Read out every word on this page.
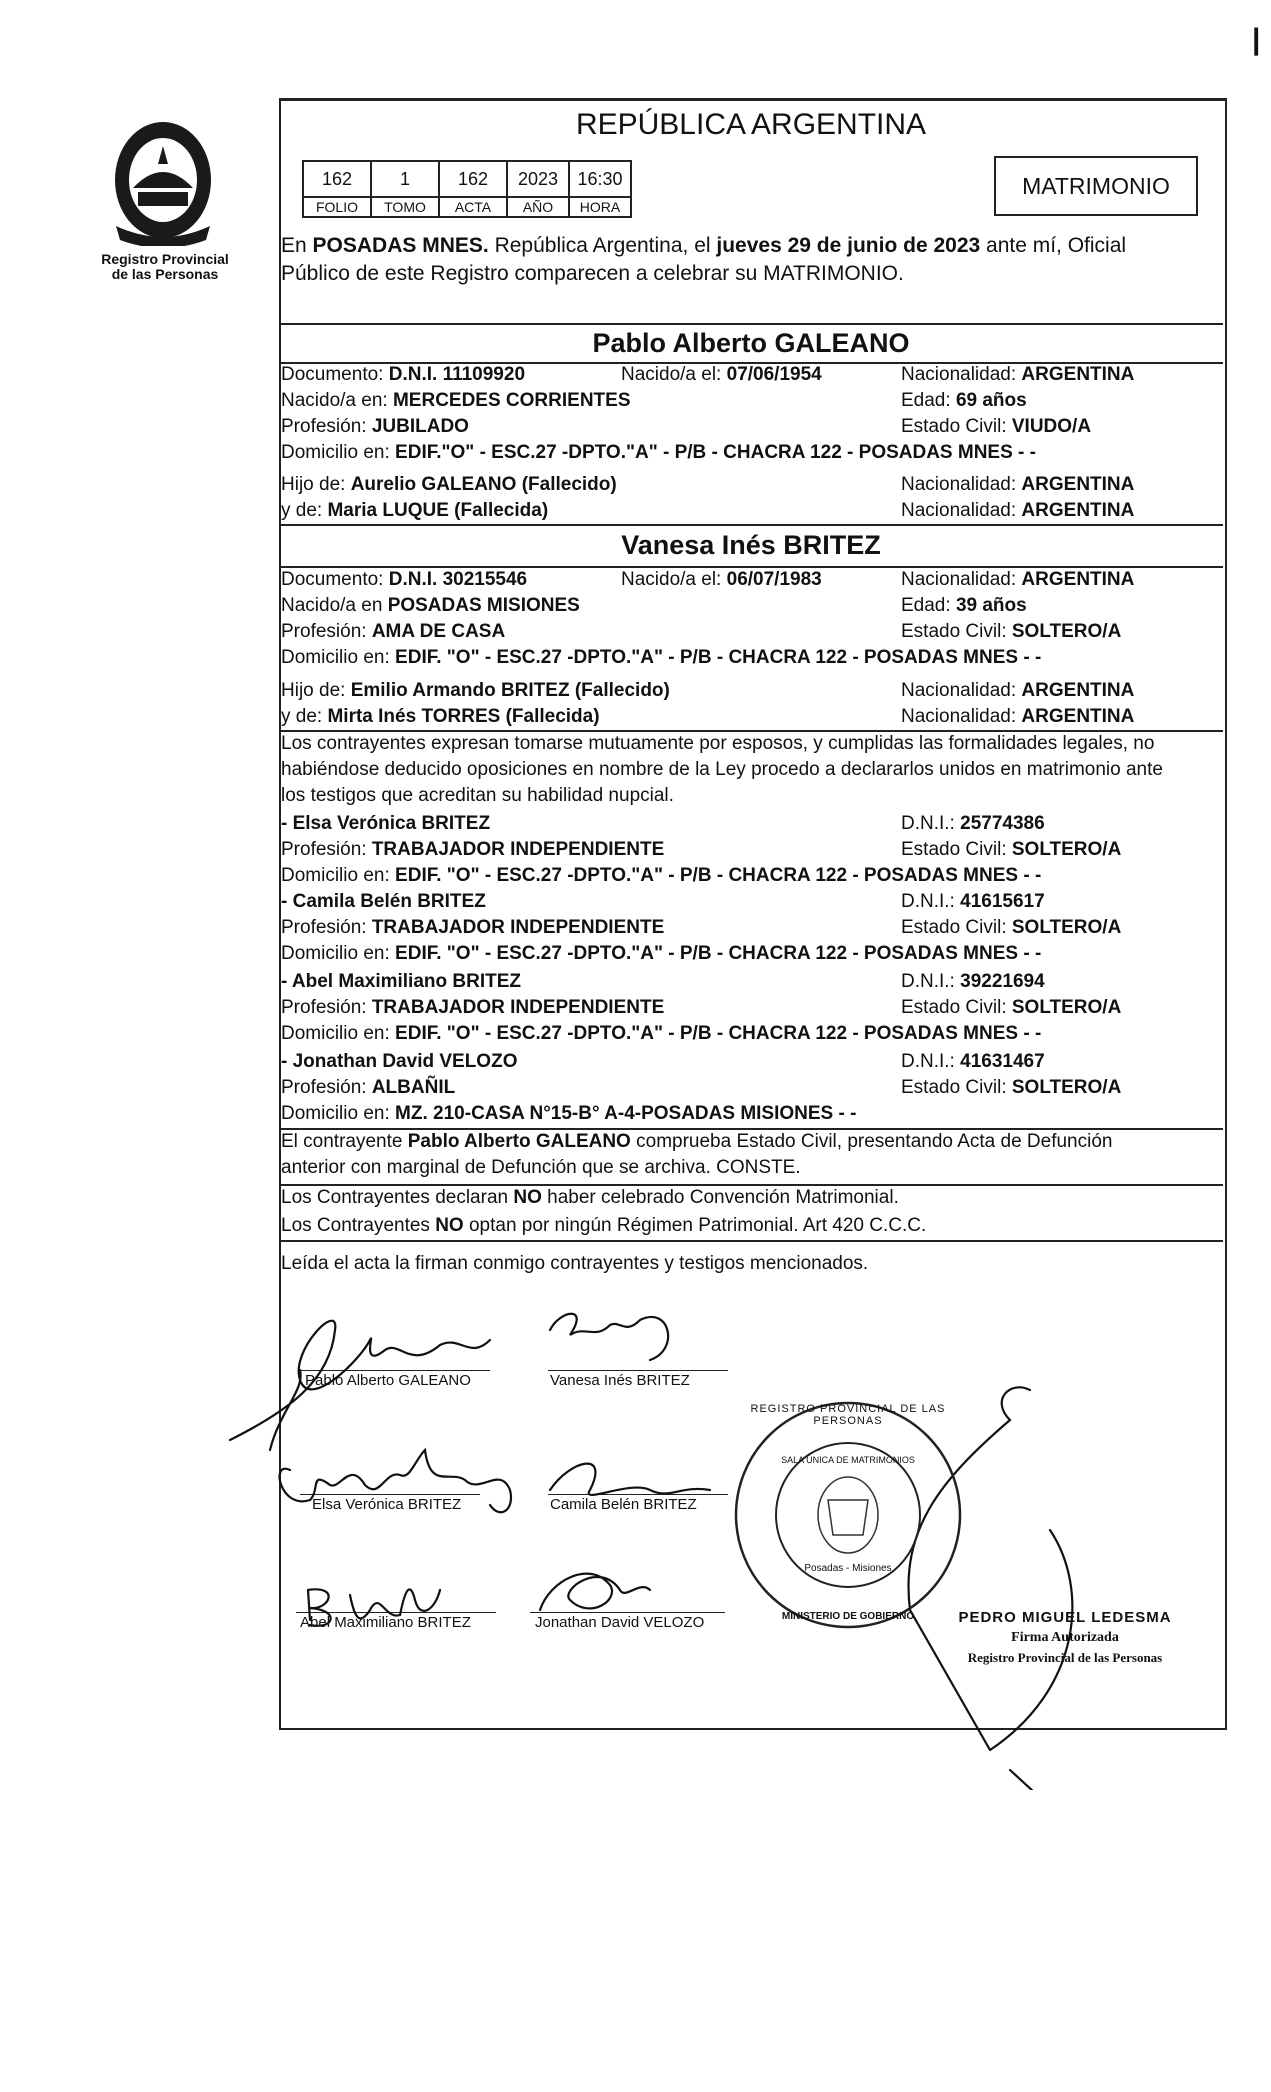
|
Registro Provincial
de las Personas
REPÚBLICA ARGENTINA
162	1	162	2023	16:30
FOLIO	TOMO	ACTA	AÑO	HORA
MATRIMONIO
En POSADAS MNES. República Argentina, el jueves 29 de junio de 2023 ante mí, Oficial
Público de este Registro comparecen a celebrar su MATRIMONIO.
Pablo Alberto GALEANO
Documento: D.N.I. 11109920	Nacido/a el: 07/06/1954	Nacionalidad: ARGENTINA
Nacido/a en: MERCEDES CORRIENTES	Edad: 69 años
Profesión: JUBILADO	Estado Civil: VIUDO/A
Domicilio en: EDIF."O" - ESC.27 -DPTO."A" - P/B - CHACRA 122 - POSADAS MNES - -
Hijo de: Aurelio GALEANO (Fallecido)	Nacionalidad: ARGENTINA
y de: Maria LUQUE (Fallecida)	Nacionalidad: ARGENTINA
Vanesa Inés BRITEZ
Documento: D.N.I. 30215546	Nacido/a el: 06/07/1983	Nacionalidad: ARGENTINA
Nacido/a en POSADAS MISIONES	Edad: 39 años
Profesión: AMA DE CASA	Estado Civil: SOLTERO/A
Domicilio en: EDIF. "O" - ESC.27 -DPTO."A" - P/B - CHACRA 122 - POSADAS MNES - -
Hijo de: Emilio Armando BRITEZ (Fallecido)	Nacionalidad: ARGENTINA
y de: Mirta Inés TORRES (Fallecida)	Nacionalidad: ARGENTINA
Los contrayentes expresan tomarse mutuamente por esposos, y cumplidas las formalidades legales, no
habiéndose deducido oposiciones en nombre de la Ley procedo a declararlos unidos en matrimonio ante
los testigos que acreditan su habilidad nupcial.
- Elsa Verónica BRITEZ	D.N.I.: 25774386
Profesión: TRABAJADOR INDEPENDIENTE	Estado Civil: SOLTERO/A
Domicilio en: EDIF. "O" - ESC.27 -DPTO."A" - P/B - CHACRA 122 - POSADAS MNES - -
- Camila Belén BRITEZ	D.N.I.: 41615617
Profesión: TRABAJADOR INDEPENDIENTE	Estado Civil: SOLTERO/A
Domicilio en: EDIF. "O" - ESC.27 -DPTO."A" - P/B - CHACRA 122 - POSADAS MNES - -
- Abel Maximiliano BRITEZ	D.N.I.: 39221694
Profesión: TRABAJADOR INDEPENDIENTE	Estado Civil: SOLTERO/A
Domicilio en: EDIF. "O" - ESC.27 -DPTO."A" - P/B - CHACRA 122 - POSADAS MNES - -
- Jonathan David VELOZO	D.N.I.: 41631467
Profesión: ALBAÑIL	Estado Civil: SOLTERO/A
Domicilio en: MZ. 210-CASA N°15-B° A-4-POSADAS MISIONES - -
El contrayente Pablo Alberto GALEANO comprueba Estado Civil, presentando Acta de Defunción
anterior con marginal de Defunción que se archiva. CONSTE.
Los Contrayentes declaran NO haber celebrado Convención Matrimonial.
Los Contrayentes NO optan por ningún Régimen Patrimonial. Art 420 C.C.C.
Leída el acta la firman conmigo contrayentes y testigos mencionados.
Pablo Alberto GALEANO	Vanesa Inés BRITEZ
Elsa Verónica BRITEZ	Camila Belén BRITEZ
Abel Maximiliano BRITEZ	Jonathan David VELOZO
REGISTRO PROVINCIAL DE LAS PERSONAS
SALA ÚNICA DE MATRIMONIOS
Posadas - Misiones
MINISTERIO DE GOBIERNO	PEDRO MIGUEL LEDESMA
Firma Autorizada
Registro Provincial de las Personas
